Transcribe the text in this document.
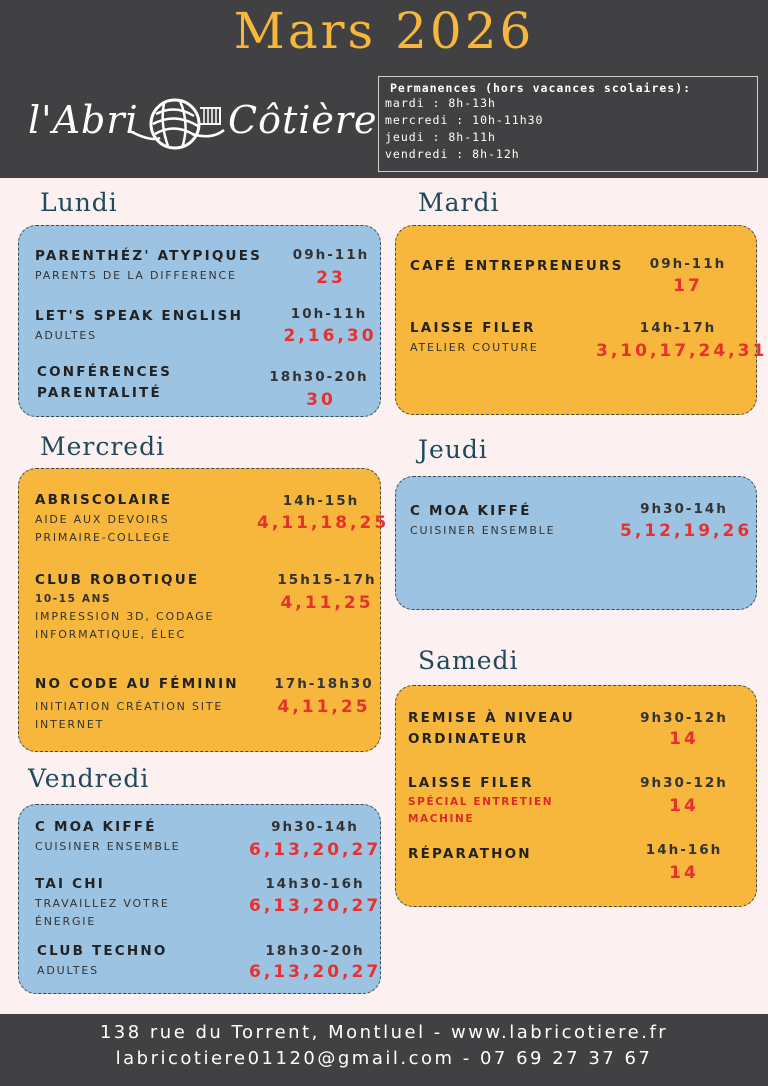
Mars 2026
l'Abri Côtière
Permanences (hors vacances scolaires):
mardi : 8h-13h
mercredi : 10h-11h30
jeudi : 8h-11h
vendredi : 8h-12h
Lundi
PARENTHÉZ' ATYPIQUES
PARENTS DE LA DIFFERENCE
09h-11h
23
LET'S SPEAK ENGLISH
ADULTES
10h-11h
2,16,30
CONFÉRENCES
PARENTALITÉ
18h30-20h
30
Mardi
CAFÉ ENTREPRENEURS	09h-11h
17
LAISSE FILER
ATELIER COUTURE
14h-17h
3,10,17,24,31
Mercredi
ABRISCOLAIRE
AIDE AUX DEVOIRS
PRIMAIRE-COLLEGE
14h-15h
4,11,18,25
CLUB ROBOTIQUE
10-15 ANS
IMPRESSION 3D, CODAGE
INFORMATIQUE, ÉLEC
15h15-17h
4,11,25
NO CODE AU FÉMININ
INITIATION CRÉATION SITE
INTERNET
17h-18h30
4,11,25
Jeudi
C MOA KIFFÉ
CUISINER ENSEMBLE
9h30-14h
5,12,19,26
Samedi
REMISE À NIVEAU
ORDINATEUR
9h30-12h
14
LAISSE FILER
SPÉCIAL ENTRETIEN
MACHINE
9h30-12h
14
RÉPARATHON	14h-16h
14
Vendredi
C MOA KIFFÉ
CUISINER ENSEMBLE
9h30-14h
6,13,20,27
TAI CHI
TRAVAILLEZ VOTRE
ÉNERGIE
14h30-16h
6,13,20,27
CLUB TECHNO
ADULTES
18h30-20h
6,13,20,27
138 rue du Torrent, Montluel - www.labricotiere.fr
labricotiere01120@gmail.com - 07 69 27 37 67
